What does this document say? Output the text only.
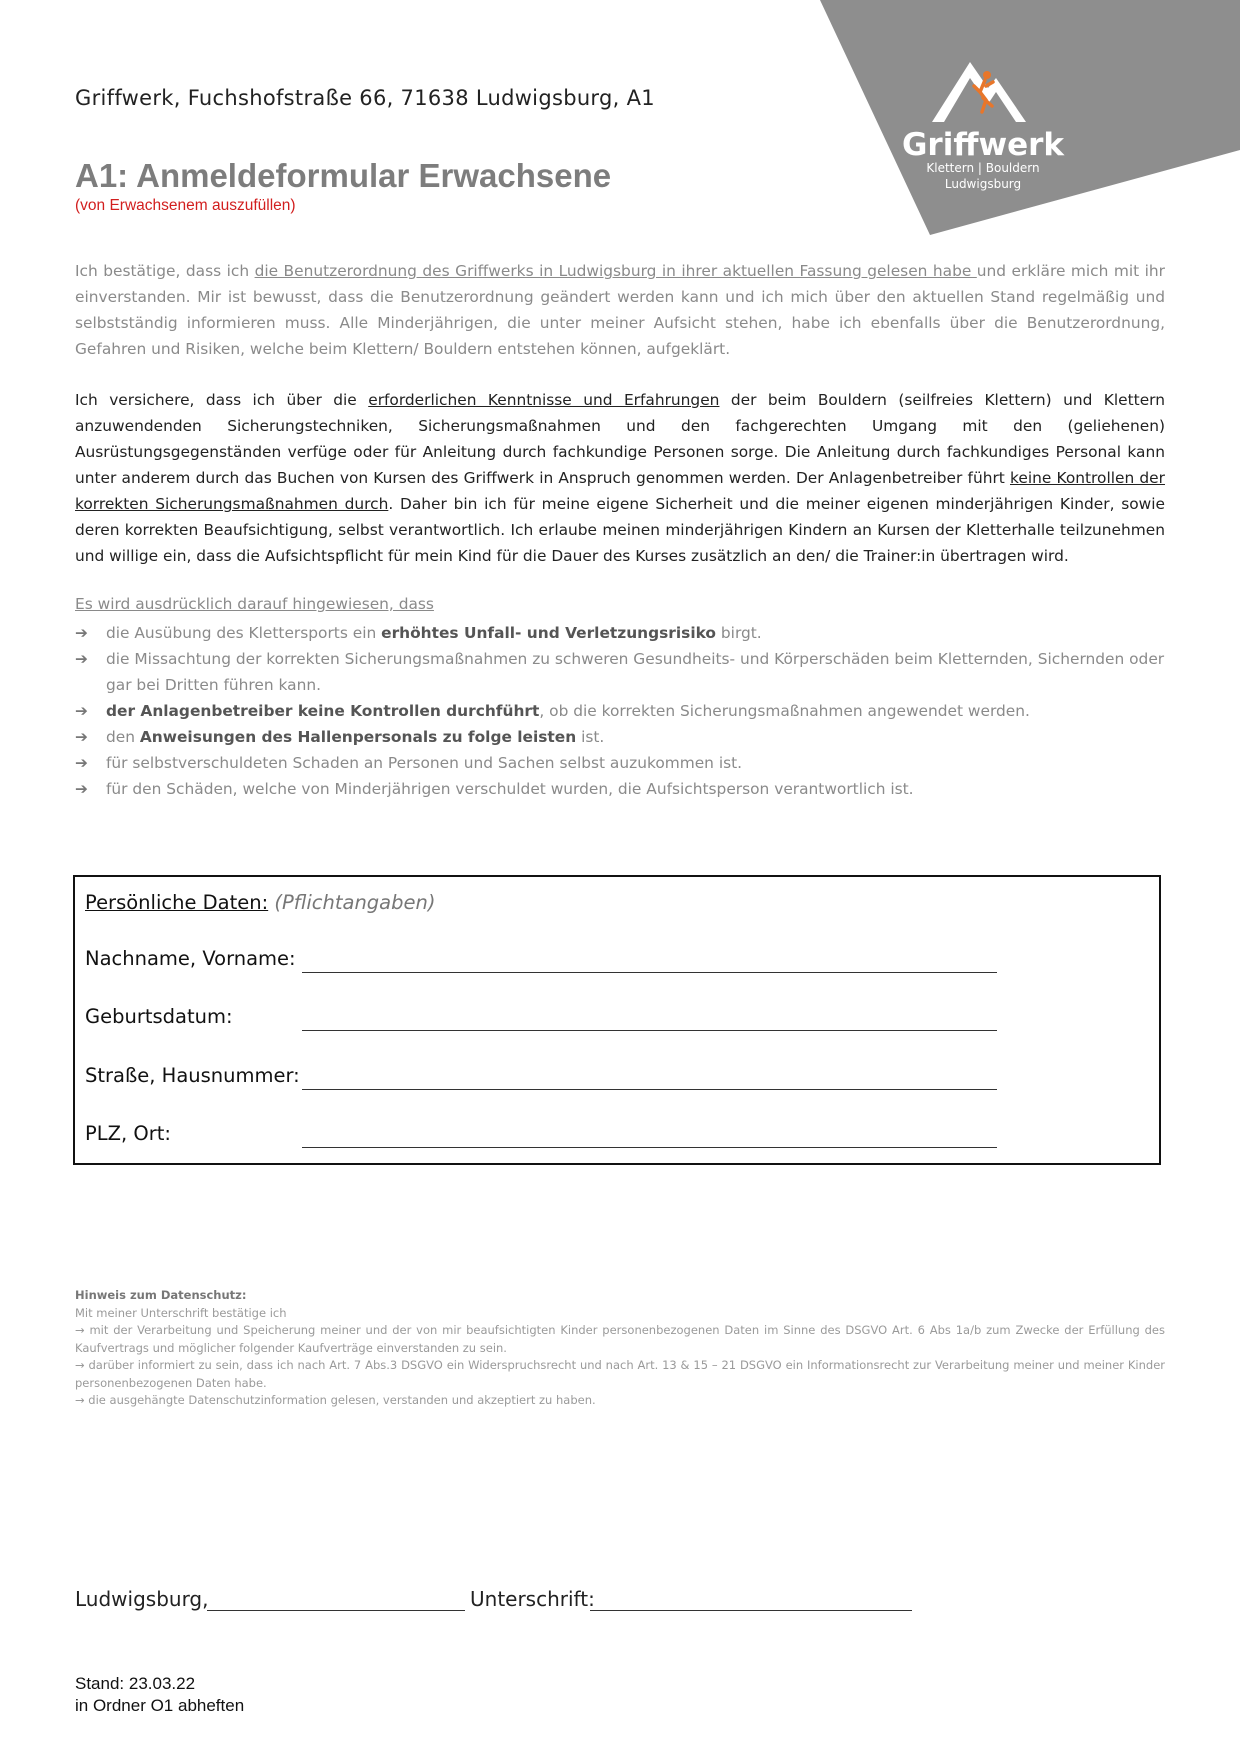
Griffwerk
Klettern | Bouldern
Ludwigsburg
Griffwerk, Fuchshofstraße 66, 71638 Ludwigsburg, A1
A1: Anmeldeformular Erwachsene
(von Erwachsenem auszufüllen)
Ich bestätige, dass ich die Benutzerordnung des Griffwerks in Ludwigsburg in ihrer aktuellen Fassung gelesen habe und erkläre mich mit ihr einverstanden. Mir ist bewusst, dass die Benutzerordnung geändert werden kann und ich mich über den aktuellen Stand regelmäßig und selbstständig informieren muss. Alle Minderjährigen, die unter meiner Aufsicht stehen, habe ich ebenfalls über die Benutzerordnung, Gefahren und Risiken, welche beim Klettern/ Bouldern entstehen können, aufgeklärt.
Ich versichere, dass ich über die erforderlichen Kenntnisse und Erfahrungen der beim Bouldern (seilfreies Klettern) und Klettern anzuwendenden Sicherungstechniken, Sicherungsmaßnahmen und den fachgerechten Umgang mit den (geliehenen) Ausrüstungsgegenständen verfüge oder für Anleitung durch fachkundige Personen sorge. Die Anleitung durch fachkundiges Personal kann unter anderem durch das Buchen von Kursen des Griffwerk in Anspruch genommen werden. Der Anlagenbetreiber führt keine Kontrollen der korrekten Sicherungsmaßnahmen durch. Daher bin ich für meine eigene Sicherheit und die meiner eigenen minderjährigen Kinder, sowie deren korrekten Beaufsichtigung, selbst verantwortlich. Ich erlaube meinen minderjährigen Kindern an Kursen der Kletterhalle teilzunehmen und willige ein, dass die Aufsichtspflicht für mein Kind für die Dauer des Kurses zusätzlich an den/ die Trainer:in übertragen wird.
Es wird ausdrücklich darauf hingewiesen, dass
➔ die Ausübung des Klettersports ein erhöhtes Unfall- und Verletzungsrisiko birgt.
➔ die Missachtung der korrekten Sicherungsmaßnahmen zu schweren Gesundheits- und Körperschäden beim Kletternden, Sichernden oder gar bei Dritten führen kann.
➔ der Anlagenbetreiber keine Kontrollen durchführt, ob die korrekten Sicherungsmaßnahmen angewendet werden.
➔ den Anweisungen des Hallenpersonals zu folge leisten ist.
➔ für selbstverschuldeten Schaden an Personen und Sachen selbst auzukommen ist.
➔ für den Schäden, welche von Minderjährigen verschuldet wurden, die Aufsichtsperson verantwortlich ist.
Persönliche Daten: (Pflichtangaben)
Nachname, Vorname:
Geburtsdatum:
Straße, Hausnummer:
PLZ, Ort:
Hinweis zum Datenschutz:
Mit meiner Unterschrift bestätige ich
→ mit der Verarbeitung und Speicherung meiner und der von mir beaufsichtigten Kinder personenbezogenen Daten im Sinne des DSGVO Art. 6 Abs 1a/b zum Zwecke der Erfüllung des Kaufvertrags und möglicher folgender Kaufverträge einverstanden zu sein.
→ darüber informiert zu sein, dass ich nach Art. 7 Abs.3 DSGVO ein Widerspruchsrecht und nach Art. 13 & 15 – 21 DSGVO ein Informationsrecht zur Verarbeitung meiner und meiner Kinder personenbezogenen Daten habe.
→ die ausgehängte Datenschutzinformation gelesen, verstanden und akzeptiert zu haben.
Ludwigsburg,	Unterschrift:
Stand: 23.03.22
in Ordner O1 abheften
